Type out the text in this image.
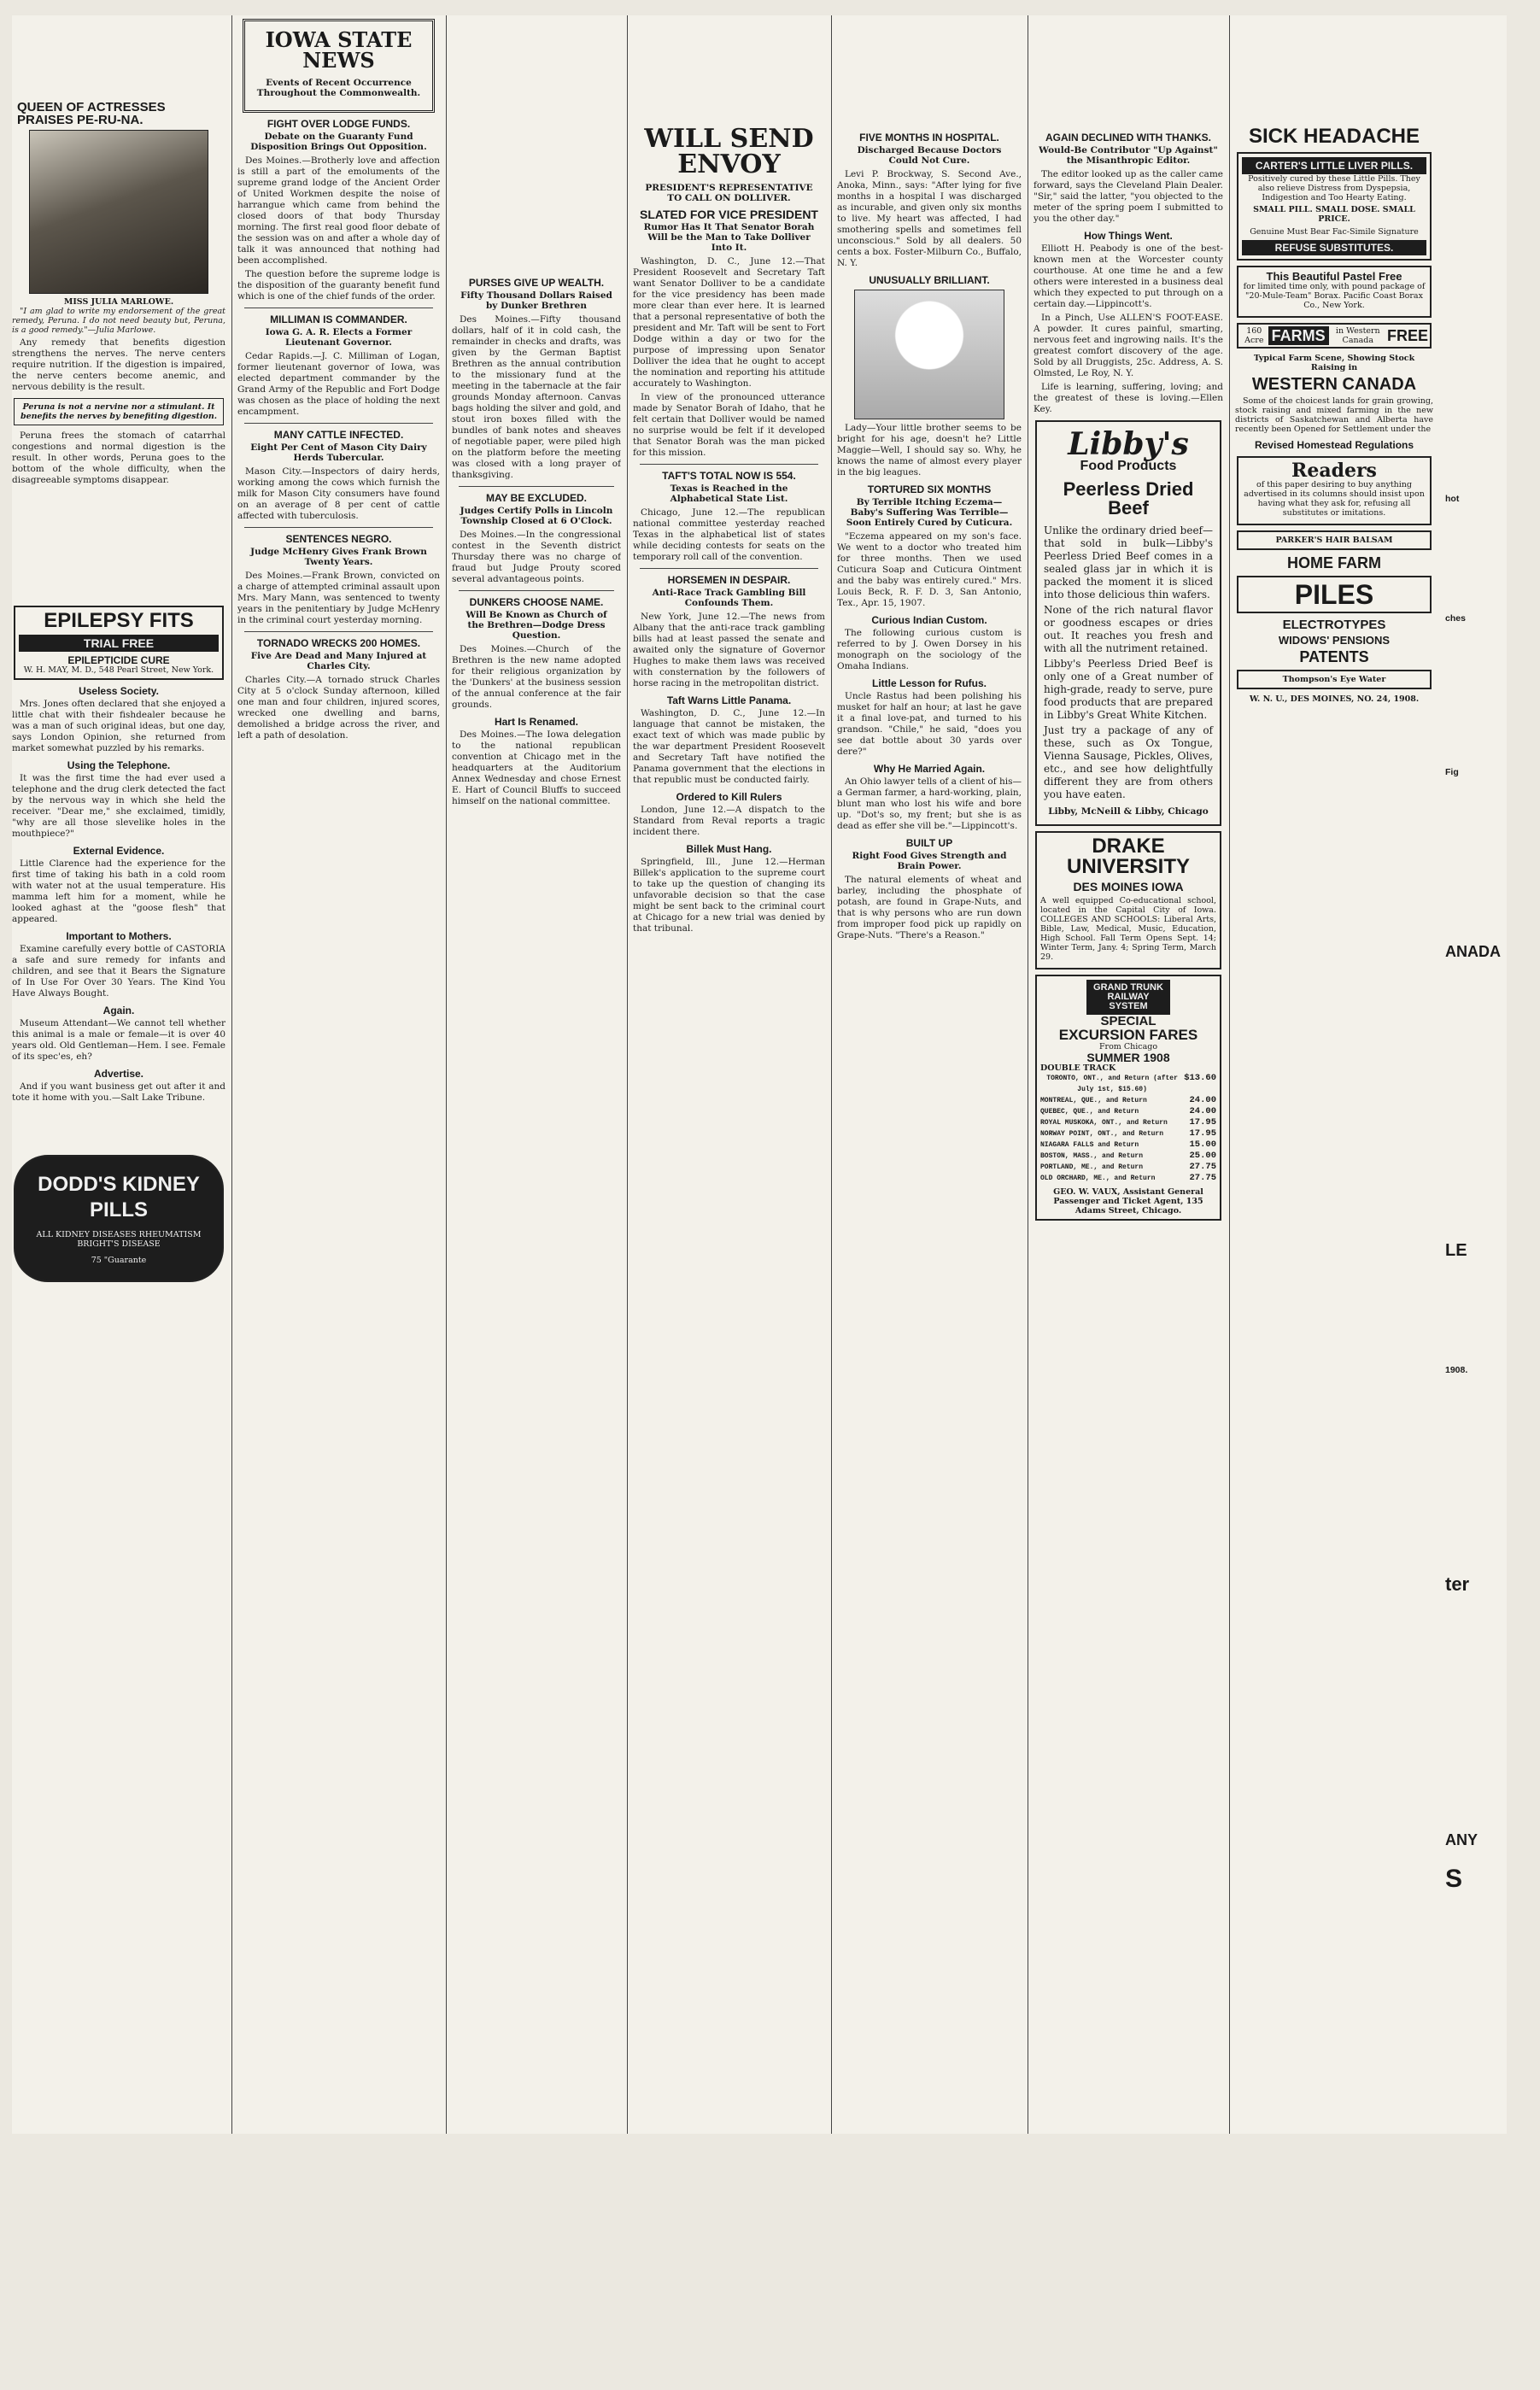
QUEEN OF ACTRESSES PRAISES PE-RU-NA.
MISS JULIA MARLOWE.

"I am glad to write my endorsement of the great remedy, Peruna. I do not need beauty but, Peruna, is a good remedy."—Julia Marlowe.

Any remedy that benefits digestion strengthens the nerves. The nerve centers require nutrition. If the digestion is impaired, the nerve centers become anemic, and nervous debility is the result.

Peruna is not a nervine nor a stimulant. It benefits the nerves by benefiting digestion.

Peruna frees the stomach of catarrhal congestions and normal digestion is the result. In other words, Peruna goes to the bottom of the whole difficulty, when the disagreeable symptoms disappear.

EPILEPSY FITS
TRIAL FREE
EPILEPTICIDE CURE
W. H. MAY, M. D., 548 Pearl Street, New York.
Useless Society.

Mrs. Jones often declared that she enjoyed a little chat with their fishdealer because he was a man of such original ideas, but one day, says London Opinion, she returned from market somewhat puzzled by his remarks.

Using the Telephone.

It was the first time the had ever used a telephone and the drug clerk detected the fact by the nervous way in which she held the receiver. "Dear me," she exclaimed, timidly, "why are all those slevelike holes in the mouthpiece?"

External Evidence.

Little Clarence had the experience for the first time of taking his bath in a cold room with water not at the usual temperature. His mamma left him for a moment, while he looked aghast at the "goose flesh" that appeared.

Important to Mothers.

Examine carefully every bottle of CASTORIA a safe and sure remedy for infants and children, and see that it Bears the Signature of In Use For Over 30 Years. The Kind You Have Always Bought.

Again.

Museum Attendant—We cannot tell whether this animal is a male or female—it is over 40 years old. Old Gentleman—Hem. I see. Female of its spec'es, eh?

Advertise.

And if you want business get out after it and tote it home with you.—Salt Lake Tribune.

DODD'S KIDNEY PILLS
ALL KIDNEY DISEASES RHEUMATISM BRIGHT'S DISEASE
75 "Guarante
IOWA STATE NEWS
Events of Recent Occurrence Throughout the Commonwealth.
FIGHT OVER LODGE FUNDS.
Debate on the Guaranty Fund Disposition Brings Out Opposition.

Des Moines.—Brotherly love and affection is still a part of the emoluments of the supreme grand lodge of the Ancient Order of United Workmen despite the noise of harrangue which came from behind the closed doors of that body Thursday morning. The first real good floor debate of the session was on and after a whole day of talk it was announced that nothing had been accomplished.

The question before the supreme lodge is the disposition of the guaranty benefit fund which is one of the chief funds of the order.

MILLIMAN IS COMMANDER.
Iowa G. A. R. Elects a Former Lieutenant Governor.

Cedar Rapids.—J. C. Milliman of Logan, former lieutenant governor of Iowa, was elected department commander by the Grand Army of the Republic and Fort Dodge was chosen as the place of holding the next encampment.

MANY CATTLE INFECTED.
Eight Per Cent of Mason City Dairy Herds Tubercular.

Mason City.—Inspectors of dairy herds, working among the cows which furnish the milk for Mason City consumers have found on an average of 8 per cent of cattle affected with tuberculosis.

SENTENCES NEGRO.
Judge McHenry Gives Frank Brown Twenty Years.

Des Moines.—Frank Brown, convicted on a charge of attempted criminal assault upon Mrs. Mary Mann, was sentenced to twenty years in the penitentiary by Judge McHenry in the criminal court yesterday morning.

TORNADO WRECKS 200 HOMES.
Five Are Dead and Many Injured at Charles City.

Charles City.—A tornado struck Charles City at 5 o'clock Sunday afternoon, killed one man and four children, injured scores, wrecked one dwelling and barns, demolished a bridge across the river, and left a path of desolation.

PURSES GIVE UP WEALTH.
Fifty Thousand Dollars Raised by Dunker Brethren

Des Moines.—Fifty thousand dollars, half of it in cold cash, the remainder in checks and drafts, was given by the German Baptist Brethren as the annual contribution to the missionary fund at the meeting in the tabernacle at the fair grounds Monday afternoon. Canvas bags holding the silver and gold, and stout iron boxes filled with the bundles of bank notes and sheaves of negotiable paper, were piled high on the platform before the meeting was closed with a long prayer of thanksgiving.

MAY BE EXCLUDED.
Judges Certify Polls in Lincoln Township Closed at 6 O'Clock.

Des Moines.—In the congressional contest in the Seventh district Thursday there was no charge of fraud but Judge Prouty scored several advantageous points.

DUNKERS CHOOSE NAME.
Will Be Known as Church of the Brethren—Dodge Dress Question.

Des Moines.—Church of the Brethren is the new name adopted for their religious organization by the 'Dunkers' at the business session of the annual conference at the fair grounds.

Hart Is Renamed.

Des Moines.—The Iowa delegation to the national republican convention at Chicago met in the headquarters at the Auditorium Annex Wednesday and chose Ernest E. Hart of Council Bluffs to succeed himself on the national committee.

WILL SEND ENVOY
PRESIDENT'S REPRESENTATIVE TO CALL ON DOLLIVER.
SLATED FOR VICE PRESIDENT
Rumor Has It That Senator Borah Will be the Man to Take Dolliver Into It.

Washington, D. C., June 12.—That President Roosevelt and Secretary Taft want Senator Dolliver to be a candidate for the vice presidency has been made more clear than ever here. It is learned that a personal representative of both the president and Mr. Taft will be sent to Fort Dodge within a day or two for the purpose of impressing upon Senator Dolliver the idea that he ought to accept the nomination and reporting his attitude accurately to Washington.

In view of the pronounced utterance made by Senator Borah of Idaho, that he felt certain that Dolliver would be named no surprise would be felt if it developed that Senator Borah was the man picked for this mission.

TAFT'S TOTAL NOW IS 554.
Texas is Reached in the Alphabetical State List.

Chicago, June 12.—The republican national committee yesterday reached Texas in the alphabetical list of states while deciding contests for seats on the temporary roll call of the convention.

HORSEMEN IN DESPAIR.
Anti-Race Track Gambling Bill Confounds Them.

New York, June 12.—The news from Albany that the anti-race track gambling bills had at least passed the senate and awaited only the signature of Governor Hughes to make them laws was received with consternation by the followers of horse racing in the metropolitan district.

Taft Warns Little Panama.

Washington, D. C., June 12.—In language that cannot be mistaken, the exact text of which was made public by the war department President Roosevelt and Secretary Taft have notified the Panama government that the elections in that republic must be conducted fairly.

Ordered to Kill Rulers

London, June 12.—A dispatch to the Standard from Reval reports a tragic incident there.

Billek Must Hang.

Springfield, Ill., June 12.—Herman Billek's application to the supreme court to take up the question of changing its unfavorable decision so that the case might be sent back to the criminal court at Chicago for a new trial was denied by that tribunal.

FIVE MONTHS IN HOSPITAL.
Discharged Because Doctors Could Not Cure.

Levi P. Brockway, S. Second Ave., Anoka, Minn., says: "After lying for five months in a hospital I was discharged as incurable, and given only six months to live. My heart was affected, I had smothering spells and sometimes fell unconscious." Sold by all dealers. 50 cents a box. Foster-Milburn Co., Buffalo, N. Y.

UNUSUALLY BRILLIANT.

Lady—Your little brother seems to be bright for his age, doesn't he? Little Maggie—Well, I should say so. Why, he knows the name of almost every player in the big leagues.

TORTURED SIX MONTHS
By Terrible Itching Eczema—Baby's Suffering Was Terrible—Soon Entirely Cured by Cuticura.

"Eczema appeared on my son's face. We went to a doctor who treated him for three months. Then we used Cuticura Soap and Cuticura Ointment and the baby was entirely cured." Mrs. Louis Beck, R. F. D. 3, San Antonio, Tex., Apr. 15, 1907.

Curious Indian Custom.

The following curious custom is referred to by J. Owen Dorsey in his monograph on the sociology of the Omaha Indians.

Little Lesson for Rufus.

Uncle Rastus had been polishing his musket for half an hour; at last he gave it a final love-pat, and turned to his grandson. "Chile," he said, "does you see dat bottle about 30 yards over dere?"

Why He Married Again.

An Ohio lawyer tells of a client of his—a German farmer, a hard-working, plain, blunt man who lost his wife and bore up. "Dot's so, my frent; but she is as dead as effer she vill be."—Lippincott's.

BUILT UP
Right Food Gives Strength and Brain Power.

The natural elements of wheat and barley, including the phosphate of potash, are found in Grape-Nuts, and that is why persons who are run down from improper food pick up rapidly on Grape-Nuts. "There's a Reason."

AGAIN DECLINED WITH THANKS.
Would-Be Contributor "Up Against" the Misanthropic Editor.

The editor looked up as the caller came forward, says the Cleveland Plain Dealer. "Sir," said the latter, "you objected to the meter of the spring poem I submitted to you the other day."

How Things Went.

Elliott H. Peabody is one of the best-known men at the Worcester county courthouse. At one time he and a few others were interested in a business deal which they expected to put through on a certain day.—Lippincott's.

In a Pinch, Use ALLEN'S FOOT-EASE. A powder. It cures painful, smarting, nervous feet and ingrowing nails. It's the greatest comfort discovery of the age. Sold by all Druggists, 25c. Address, A. S. Olmsted, Le Roy, N. Y.

Life is learning, suffering, loving; and the greatest of these is loving.—Ellen Key.

Libby's
Food Products
Peerless Dried Beef

Unlike the ordinary dried beef—that sold in bulk—Libby's Peerless Dried Beef comes in a sealed glass jar in which it is packed the moment it is sliced into those delicious thin wafers.

None of the rich natural flavor or goodness escapes or dries out. It reaches you fresh and with all the nutriment retained.

Libby's Peerless Dried Beef is only one of a Great number of high-grade, ready to serve, pure food products that are prepared in Libby's Great White Kitchen.

Just try a package of any of these, such as Ox Tongue, Vienna Sausage, Pickles, Olives, etc., and see how delightfully different they are from others you have eaten.

Libby, McNeill & Libby, Chicago
DRAKE UNIVERSITY
DES MOINES IOWA

A well equipped Co-educational school, located in the Capital City of Iowa. COLLEGES AND SCHOOLS: Liberal Arts, Bible, Law, Medical, Music, Education, High School. Fall Term Opens Sept. 14; Winter Term, Jany. 4; Spring Term, March 29.

GRAND TRUNK RAILWAY SYSTEM
SPECIAL
EXCURSION FARES
From Chicago
SUMMER 1908
DOUBLE TRACK
TORONTO, ONT., and Return (after July 1st, $15.60)
$13.60
MONTREAL, QUE., and Return	24.00
QUEBEC, QUE., and Return	24.00
ROYAL MUSKOKA, ONT., and Return 17.95
NORWAY POINT, ONT., and Return	17.95
NIAGARA FALLS and Return	15.00
BOSTON, MASS., and Return	25.00
PORTLAND, ME., and Return	27.75
OLD ORCHARD, ME., and Return	27.75
GEO. W. VAUX, Assistant General Passenger and Ticket Agent, 135 Adams Street, Chicago.
SICK HEADACHE
CARTER'S LITTLE LIVER PILLS.

Positively cured by these Little Pills. They also relieve Distress from Dyspepsia, Indigestion and Too Hearty Eating.

SMALL PILL. SMALL DOSE. SMALL PRICE.
Genuine Must Bear Fac-Simile Signature
REFUSE SUBSTITUTES.
This Beautiful Pastel Free

for limited time only, with pound package of "20-Mule-Team" Borax. Pacific Coast Borax Co., New York.

160 Acre FARMS	in Western Canada FREE
Typical Farm Scene, Showing Stock Raising in
WESTERN CANADA

Some of the choicest lands for grain growing, stock raising and mixed farming in the new districts of Saskatchewan and Alberta have recently been Opened for Settlement under the

Revised Homestead Regulations
Readers

of this paper desiring to buy anything advertised in its columns should insist upon having what they ask for, refusing all substitutes or imitations.

PARKER'S HAIR BALSAM
HOME FARM
PILES
ELECTROTYPES
WIDOWS' PENSIONS
PATENTS
Thompson's Eye Water
W. N. U., DES MOINES, NO. 24, 1908.
hot
ches
Fig
ANADA
LE
1908.
ter
ANY
S
